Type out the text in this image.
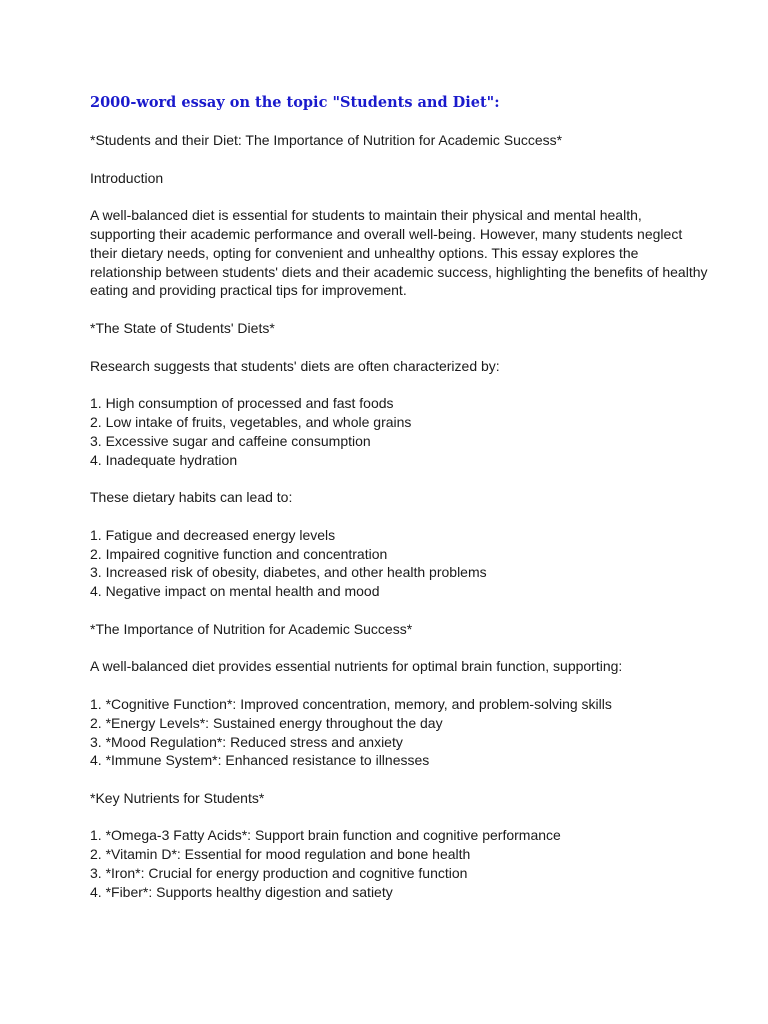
2000-word essay on the topic "Students and Diet":

*Students and their Diet: The Importance of Nutrition for Academic Success*

Introduction

A well-balanced diet is essential for students to maintain their physical and mental health, supporting their academic performance and overall well-being. However, many students neglect their dietary needs, opting for convenient and unhealthy options. This essay explores the relationship between students' diets and their academic success, highlighting the benefits of healthy eating and providing practical tips for improvement.

*The State of Students' Diets*

Research suggests that students' diets are often characterized by:

1. High consumption of processed and fast foods
2. Low intake of fruits, vegetables, and whole grains
3. Excessive sugar and caffeine consumption
4. Inadequate hydration

These dietary habits can lead to:

1. Fatigue and decreased energy levels
2. Impaired cognitive function and concentration
3. Increased risk of obesity, diabetes, and other health problems
4. Negative impact on mental health and mood

*The Importance of Nutrition for Academic Success*

A well-balanced diet provides essential nutrients for optimal brain function, supporting:

1. *Cognitive Function*: Improved concentration, memory, and problem-solving skills
2. *Energy Levels*: Sustained energy throughout the day
3. *Mood Regulation*: Reduced stress and anxiety
4. *Immune System*: Enhanced resistance to illnesses

*Key Nutrients for Students*

1. *Omega-3 Fatty Acids*: Support brain function and cognitive performance
2. *Vitamin D*: Essential for mood regulation and bone health
3. *Iron*: Crucial for energy production and cognitive function
4. *Fiber*: Supports healthy digestion and satiety
